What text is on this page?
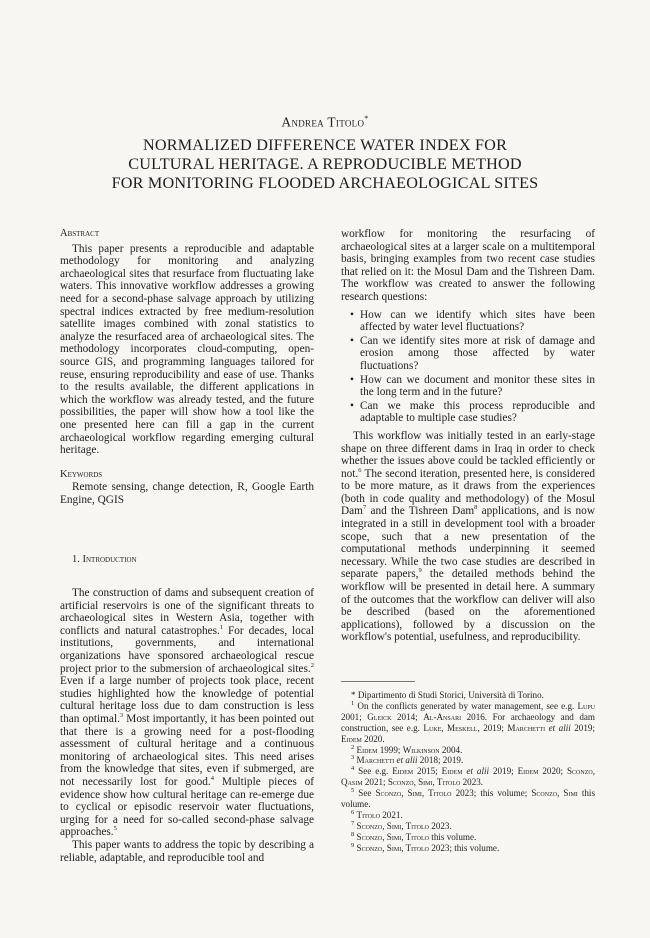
Andrea Titolo*
NORMALIZED DIFFERENCE WATER INDEX FOR
CULTURAL HERITAGE. A REPRODUCIBLE METHOD
FOR MONITORING FLOODED ARCHAEOLOGICAL SITES

Abstract

This paper presents a reproducible and adaptable methodology for monitoring and analyzing archaeological sites that resurface from fluctuating lake waters. This innovative workflow addresses a growing need for a second-phase salvage approach by utilizing spectral indices extracted by free medium-resolution satellite images combined with zonal statistics to analyze the resurfaced area of archaeological sites. The methodology incorporates cloud-computing, open-source GIS, and programming languages tailored for reuse, ensuring reproducibility and ease of use. Thanks to the results available, the different applications in which the workflow was already tested, and the future possibilities, the paper will show how a tool like the one presented here can fill a gap in the current archaeological workflow regarding emerging cultural heritage.

Keywords

Remote sensing, change detection, R, Google Earth Engine, QGIS

1. Introduction

The construction of dams and subsequent creation of artificial reservoirs is one of the significant threats to archaeological sites in Western Asia, together with conflicts and natural catastrophes.$^1$ For decades, local institutions, governments, and international organizations have sponsored archaeological rescue project prior to the submersion of archaeological sites.$^2$ Even if a large number of projects took place, recent studies highlighted how the knowledge of potential cultural heritage loss due to dam construction is less than optimal.$^3$ Most importantly, it has been pointed out that there is a growing need for a post-flooding assessment of cultural heritage and a continuous monitoring of archaeological sites. This need arises from the knowledge that sites, even if submerged, are not necessarily lost for good.$^4$ Multiple pieces of evidence show how cultural heritage can re-emerge due to cyclical or episodic reservoir water fluctuations, urging for a need for so-called second-phase salvage approaches.$^5$

This paper wants to address the topic by describing a reliable, adaptable, and reproducible tool and

workflow for monitoring the resurfacing of archaeological sites at a larger scale on a multitemporal basis, bringing examples from two recent case studies that relied on it: the Mosul Dam and the Tishreen Dam. The workflow was created to answer the following research questions:

• How can we identify which sites have been affected by water level fluctuations?
• Can we identify sites more at risk of damage and erosion among those affected by water fluctuations?
• How can we document and monitor these sites in the long term and in the future?
• Can we make this process reproducible and adaptable to multiple case studies?

This workflow was initially tested in an early-stage shape on three different dams in Iraq in order to check whether the issues above could be tackled efficiently or not.$^6$ The second iteration, presented here, is considered to be more mature, as it draws from the experiences (both in code quality and methodology) of the Mosul Dam$^7$ and the Tishreen Dam$^8$ applications, and is now integrated in a still in development tool with a broader scope, such that a new presentation of the computational methods underpinning it seemed necessary. While the two case studies are described in separate papers,$^9$ the detailed methods behind the workflow will be presented in detail here. A summary of the outcomes that the workflow can deliver will also be described (based on the aforementioned applications), followed by a discussion on the workflow's potential, usefulness, and reproducibility.

* Dipartimento di Studi Storici, Università di Torino.

$^1$ On the conflicts generated by water management, see e.g. Lupu 2001; Gleick 2014; Al-Ansari 2016. For archaeology and dam construction, see e.g. Luke, Meskell, 2019; Marchetti et alii 2019; Eidem 2020.

$^2$ Eidem 1999; Wilkinson 2004.

$^3$ Marchetti et alii 2018; 2019.

$^4$ See e.g. Eidem 2015; Eidem et alii 2019; Eidem 2020; Sconzo, Qasim 2021; Sconzo, Simi, Titolo 2023.

$^5$ See Sconzo, Simi, Titolo 2023; this volume; Sconzo, Simi this volume.

$^6$ Titolo 2021.

$^7$ Sconzo, Simi, Titolo 2023.

$^8$ Sconzo, Simi, Titolo this volume.

$^9$ Sconzo, Simi, Titolo 2023; this volume.
